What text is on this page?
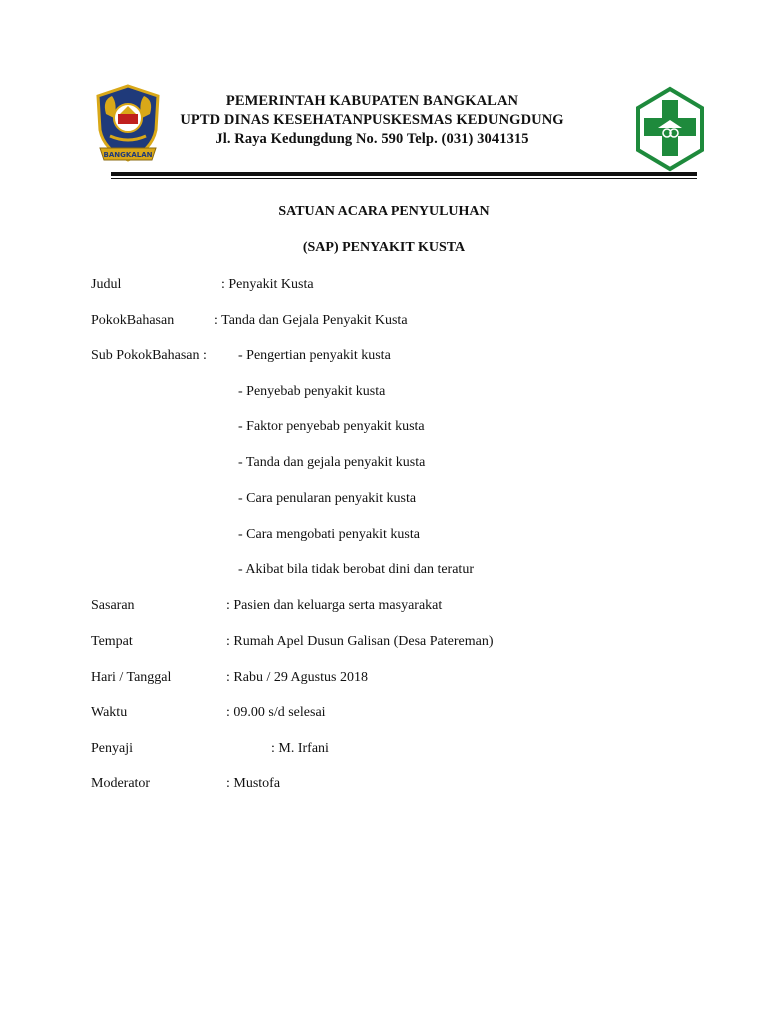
BANGKALAN
PEMERINTAH KABUPATEN BANGKALAN
UPTD DINAS KESEHATANPUSKESMAS KEDUNGDUNG
Jl. Raya Kedungdung No. 590 Telp. (031) 3041315
SATUAN ACARA PENYULUHAN
(SAP) PENYAKIT KUSTA
Judul	: Penyakit Kusta
PokokBahasan	: Tanda dan Gejala Penyakit Kusta
Sub PokokBahasan : - Pengertian penyakit kusta
- Penyebab penyakit kusta
- Faktor penyebab penyakit kusta
- Tanda dan gejala penyakit kusta
- Cara penularan penyakit kusta
- Cara mengobati penyakit kusta
- Akibat bila tidak berobat dini dan teratur
Sasaran	: Pasien dan keluarga serta masyarakat
Tempat	: Rumah Apel Dusun Galisan (Desa Patereman)
Hari / Tanggal	: Rabu / 29 Agustus 2018
Waktu	: 09.00 s/d selesai
Penyaji	: M. Irfani
Moderator	: Mustofa
